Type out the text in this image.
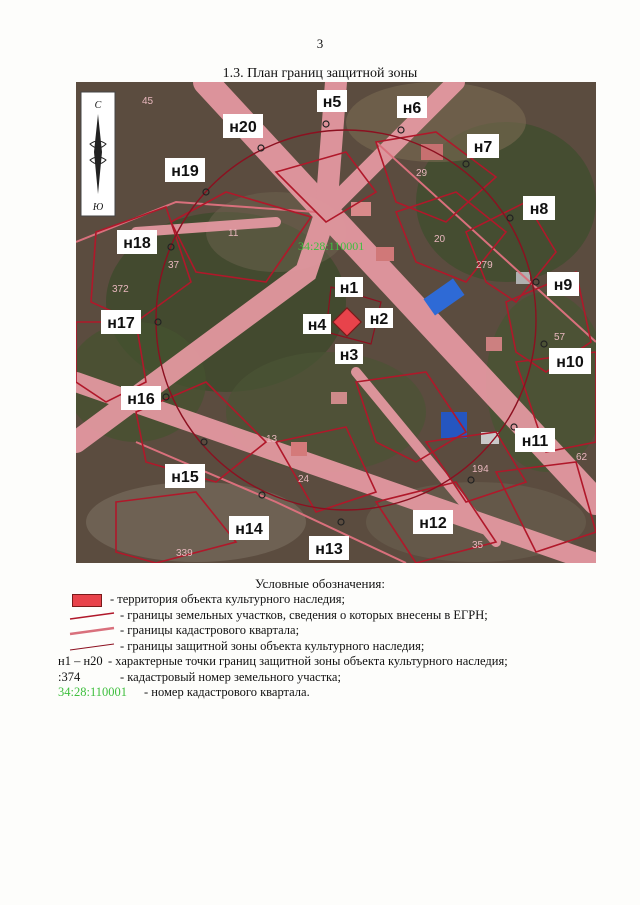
3
1.3. План границ защитной зоны
С
Ю
34:28:110001
45
11
37
372
20
29
279
57
194
24
339
35
62
13
н1
н2
н3
н4
н5	н6
н7
н8
н9
н10
н11
н12
н13
н14
н15
н16
н17
н18
н19
н20
Условные обозначения:
- территория объекта культурного наследия;
- границы земельных участков, сведения о которых внесены в ЕГРН;
- границы кадастрового квартала;
- границы защитной зоны объекта культурного наследия;
н1 – н20 - характерные точки границ защитной зоны объекта культурного наследия;
:374	- кадастровый номер земельного участка;
34:28:110001 - номер кадастрового квартала.
